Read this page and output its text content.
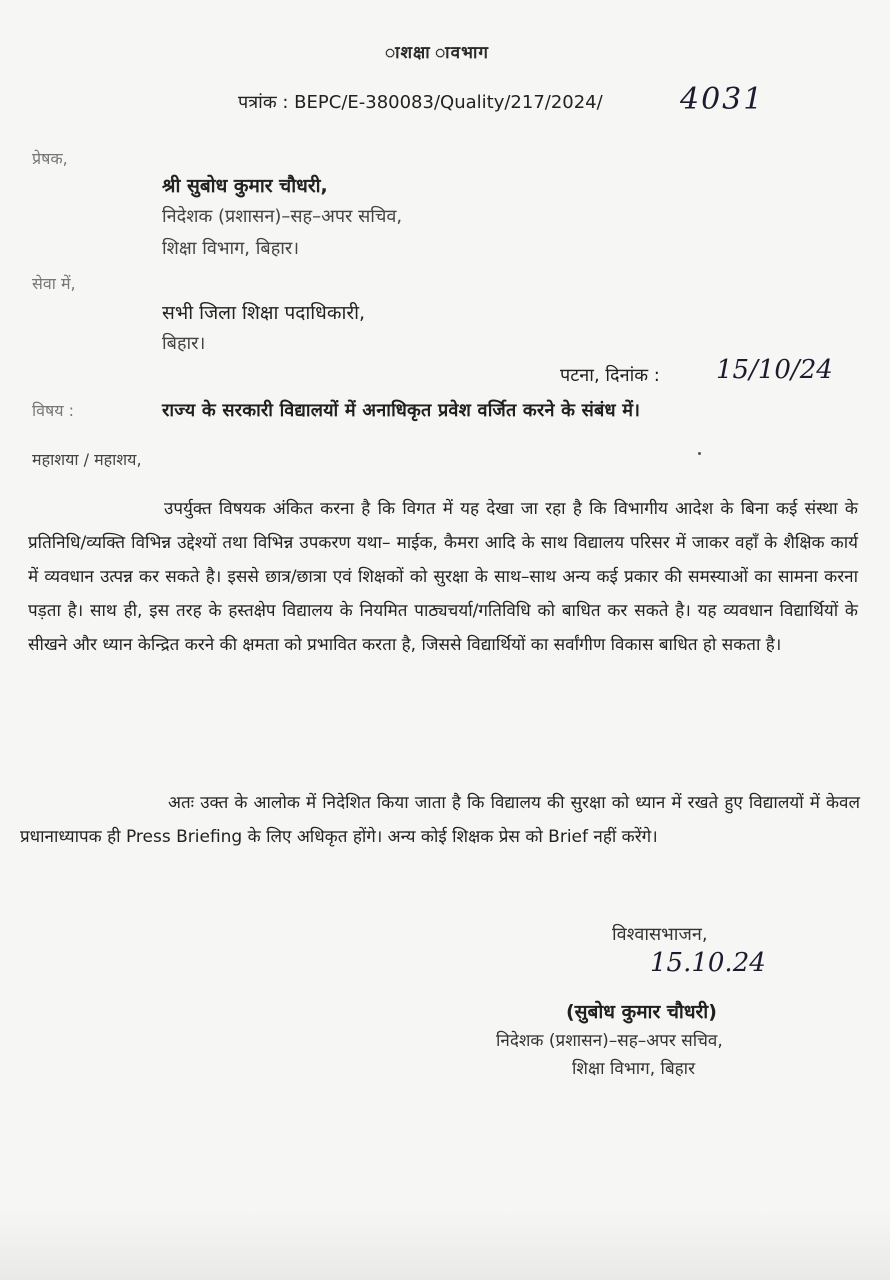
ाशक्षा ावभाग
पत्रांक : BEPC/E-380083/Quality/217/2024/	4031
प्रेषक,
श्री सुबोध कुमार चौधरी,
निदेशक (प्रशासन)–सह–अपर सचिव,
शिक्षा विभाग, बिहार।
सेवा में,
सभी जिला शिक्षा पदाधिकारी,
बिहार।
पटना, दिनांक : 15/10/24
विषय :	राज्य के सरकारी विद्यालयों में अनाधिकृत प्रवेश वर्जित करने के संबंध में।
महाशया / महाशय,
उपर्युक्त विषयक अंकित करना है कि विगत में यह देखा जा रहा है कि विभागीय आदेश के बिना कई संस्था के प्रतिनिधि/व्यक्ति विभिन्न उद्देश्यों तथा विभिन्न उपकरण यथा– माईक, कैमरा आदि के साथ विद्यालय परिसर में जाकर वहाँ के शैक्षिक कार्य में व्यवधान उत्पन्न कर सकते है। इससे छात्र/छात्रा एवं शिक्षकों को सुरक्षा के साथ–साथ अन्य कई प्रकार की समस्याओं का सामना करना पड़ता है। साथ ही, इस तरह के हस्तक्षेप विद्यालय के नियमित पाठ्यचर्या/गतिविधि को बाधित कर सकते है। यह व्यवधान विद्यार्थियों के सीखने और ध्यान केन्द्रित करने की क्षमता को प्रभावित करता है, जिससे विद्यार्थियों का सर्वांगीण विकास बाधित हो सकता है।
अतः उक्त के आलोक में निदेशित किया जाता है कि विद्यालय की सुरक्षा को ध्यान में रखते हुए विद्यालयों में केवल प्रधानाध्यापक ही Press Briefing के लिए अधिकृत होंगे। अन्य कोई शिक्षक प्रेस को Brief नहीं करेंगे।
विश्वासभाजन,
15.10.24
(सुबोध कुमार चौधरी)
निदेशक (प्रशासन)–सह–अपर सचिव,
शिक्षा विभाग, बिहार
